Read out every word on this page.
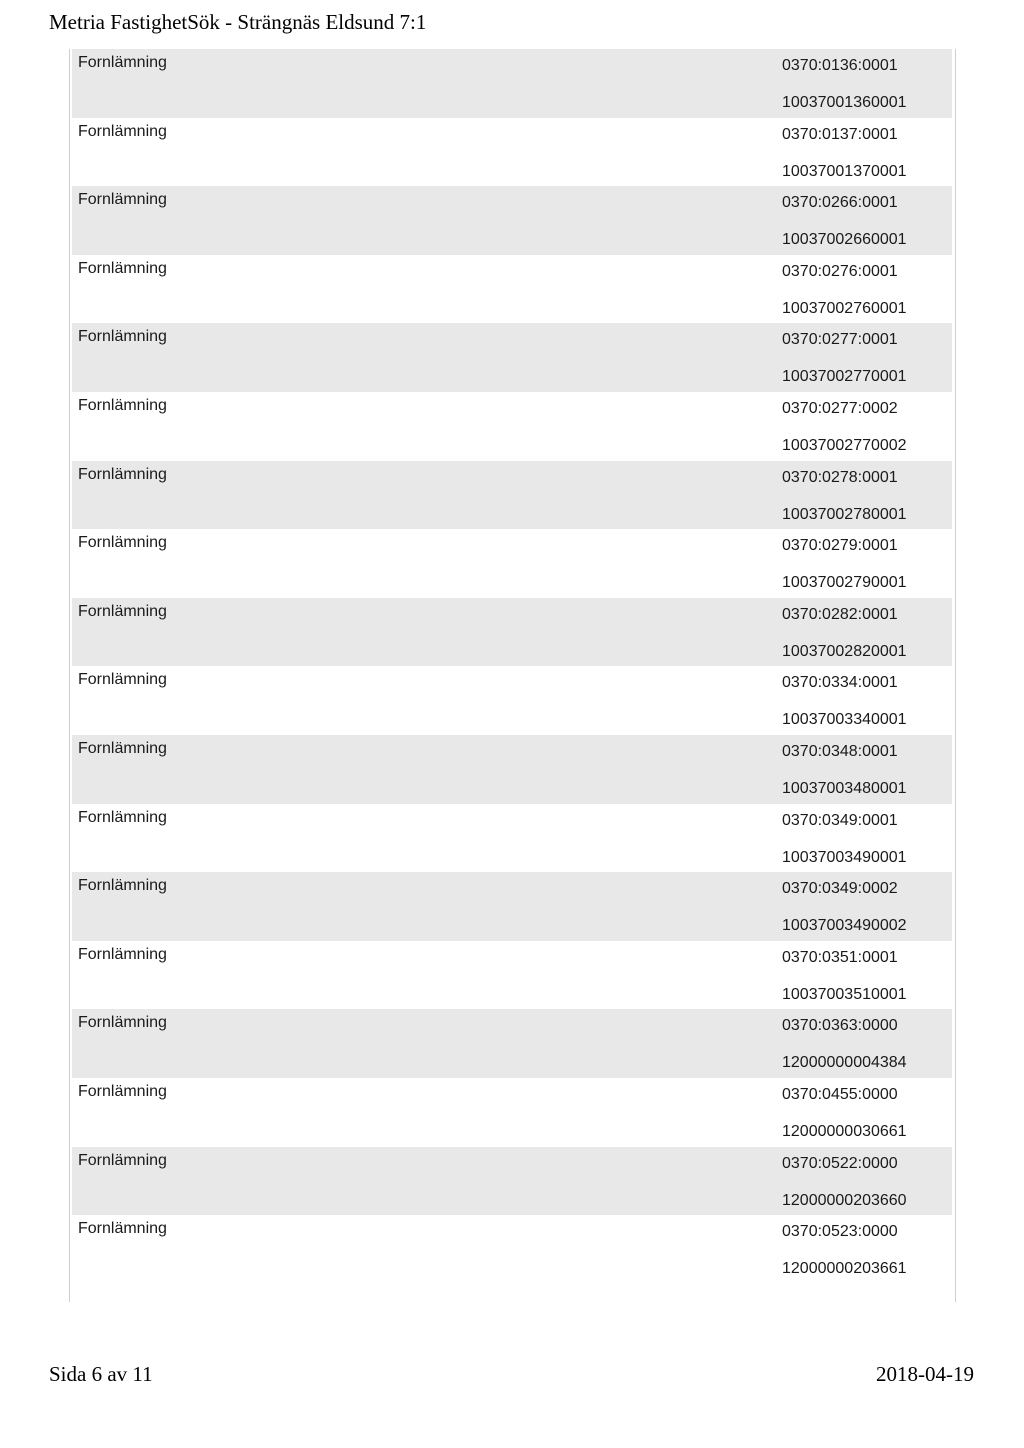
Metria FastighetSök - Strängnäs Eldsund 7:1
Fornlämning	0370:0136:0001
10037001360001
Fornlämning	0370:0137:0001
10037001370001
Fornlämning	0370:0266:0001
10037002660001
Fornlämning	0370:0276:0001
10037002760001
Fornlämning	0370:0277:0001
10037002770001
Fornlämning	0370:0277:0002
10037002770002
Fornlämning	0370:0278:0001
10037002780001
Fornlämning	0370:0279:0001
10037002790001
Fornlämning	0370:0282:0001
10037002820001
Fornlämning	0370:0334:0001
10037003340001
Fornlämning	0370:0348:0001
10037003480001
Fornlämning	0370:0349:0001
10037003490001
Fornlämning	0370:0349:0002
10037003490002
Fornlämning	0370:0351:0001
10037003510001
Fornlämning	0370:0363:0000
12000000004384
Fornlämning	0370:0455:0000
12000000030661
Fornlämning	0370:0522:0000
12000000203660
Fornlämning	0370:0523:0000
12000000203661
Sida 6 av 11	2018-04-19
